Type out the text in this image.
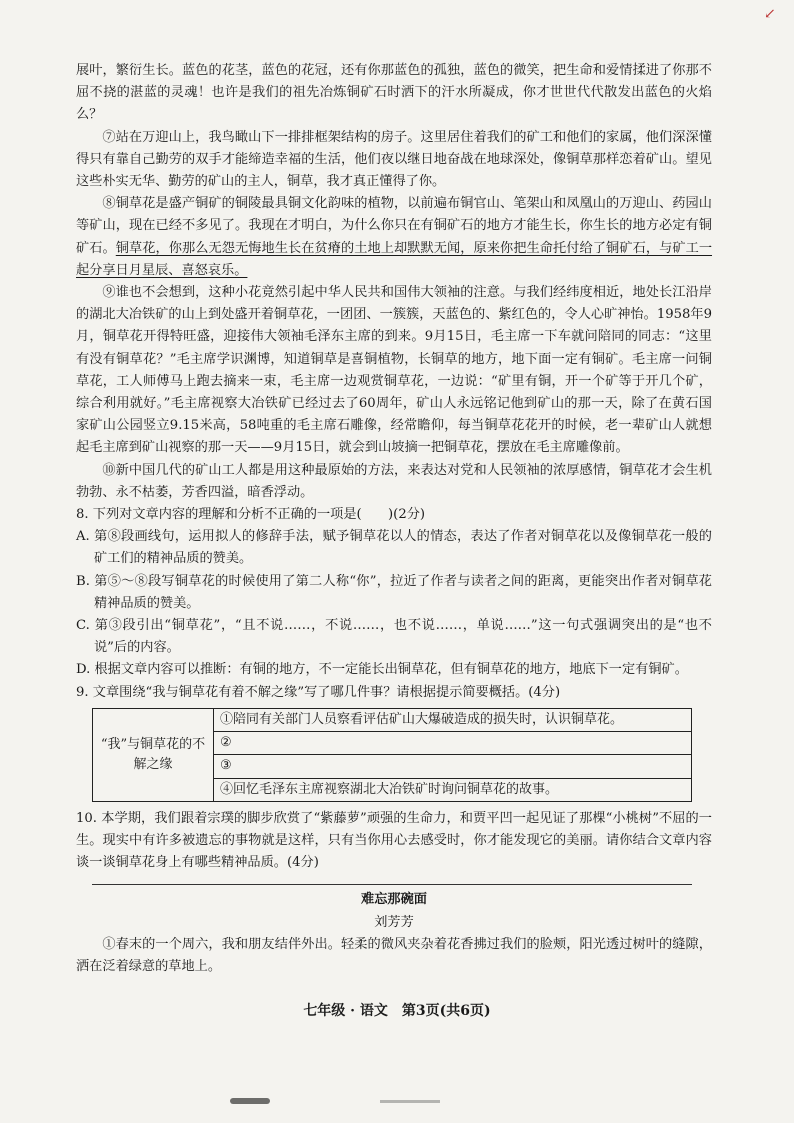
↙

展叶，繁衍生长。蓝色的花茎，蓝色的花冠，还有你那蓝色的孤独，蓝色的微笑，把生命和爱情揉进了你那不屈不挠的湛蓝的灵魂！也许是我们的祖先冶炼铜矿石时洒下的汗水所凝成，你才世世代代散发出蓝色的火焰么？

⑦站在万迎山上，我鸟瞰山下一排排框架结构的房子。这里居住着我们的矿工和他们的家属，他们深深懂得只有靠自己勤劳的双手才能缔造幸福的生活，他们夜以继日地奋战在地球深处，像铜草那样恋着矿山。望见这些朴实无华、勤劳的矿山的主人，铜草，我才真正懂得了你。

⑧铜草花是盛产铜矿的铜陵最具铜文化韵味的植物，以前遍布铜官山、笔架山和凤凰山的万迎山、药园山等矿山，现在已经不多见了。我现在才明白，为什么你只在有铜矿石的地方才能生长，你生长的地方必定有铜矿石。铜草花，你那么无怨无悔地生长在贫瘠的土地上却默默无闻，原来你把生命托付给了铜矿石，与矿工一起分享日月星辰、喜怒哀乐。

⑨谁也不会想到，这种小花竟然引起中华人民共和国伟大领袖的注意。与我们经纬度相近，地处长江沿岸的湖北大冶铁矿的山上到处盛开着铜草花，一团团、一簇簇，天蓝色的、紫红色的，令人心旷神怡。1958年9月，铜草花开得特旺盛，迎接伟大领袖毛泽东主席的到来。9月15日，毛主席一下车就问陪同的同志：“这里有没有铜草花？”毛主席学识渊博，知道铜草是喜铜植物，长铜草的地方，地下面一定有铜矿。毛主席一问铜草花，工人师傅马上跑去摘来一束，毛主席一边观赏铜草花，一边说：“矿里有铜，开一个矿等于开几个矿，综合利用就好。”毛主席视察大冶铁矿已经过去了60周年，矿山人永远铭记他到矿山的那一天，除了在黄石国家矿山公园竖立9.15米高，58吨重的毛主席石雕像，经常瞻仰，每当铜草花花开的时候，老一辈矿山人就想起毛主席到矿山视察的那一天——9月15日，就会到山坡摘一把铜草花，摆放在毛主席雕像前。

⑩新中国几代的矿山工人都是用这种最原始的方法，来表达对党和人民领袖的浓厚感情，铜草花才会生机勃勃、永不枯萎，芳香四溢，暗香浮动。

8. 下列对文章内容的理解和分析不正确的一项是(　　)(2分)

A. 第⑧段画线句，运用拟人的修辞手法，赋予铜草花以人的情态，表达了作者对铜草花以及像铜草花一般的矿工们的精神品质的赞美。

B. 第⑤～⑧段写铜草花的时候使用了第二人称“你”，拉近了作者与读者之间的距离，更能突出作者对铜草花精神品质的赞美。

C. 第③段引出“铜草花”，“且不说……，不说……，也不说……，单说……”这一句式强调突出的是“也不说”后的内容。

D. 根据文章内容可以推断：有铜的地方，不一定能长出铜草花，但有铜草花的地方，地底下一定有铜矿。

9. 文章围绕“我与铜草花有着不解之缘”写了哪几件事？请根据提示简要概括。(4分)

“我”与铜草花的不解之缘	①陪同有关部门人员察看评估矿山大爆破造成的损失时，认识铜草花。
②
③
④回忆毛泽东主席视察湖北大冶铁矿时询问铜草花的故事。

10. 本学期，我们跟着宗璞的脚步欣赏了“紫藤萝”顽强的生命力，和贾平凹一起见证了那棵“小桃树”不屈的一生。现实中有许多被遗忘的事物就是这样，只有当你用心去感受时，你才能发现它的美丽。请你结合文章内容谈一谈铜草花身上有哪些精神品质。(4分)

难忘那碗面

刘芳芳

①春末的一个周六，我和朋友结伴外出。轻柔的微风夹杂着花香拂过我们的脸颊，阳光透过树叶的缝隙，洒在泛着绿意的草地上。

七年级 · 语文　第3页(共6页)
